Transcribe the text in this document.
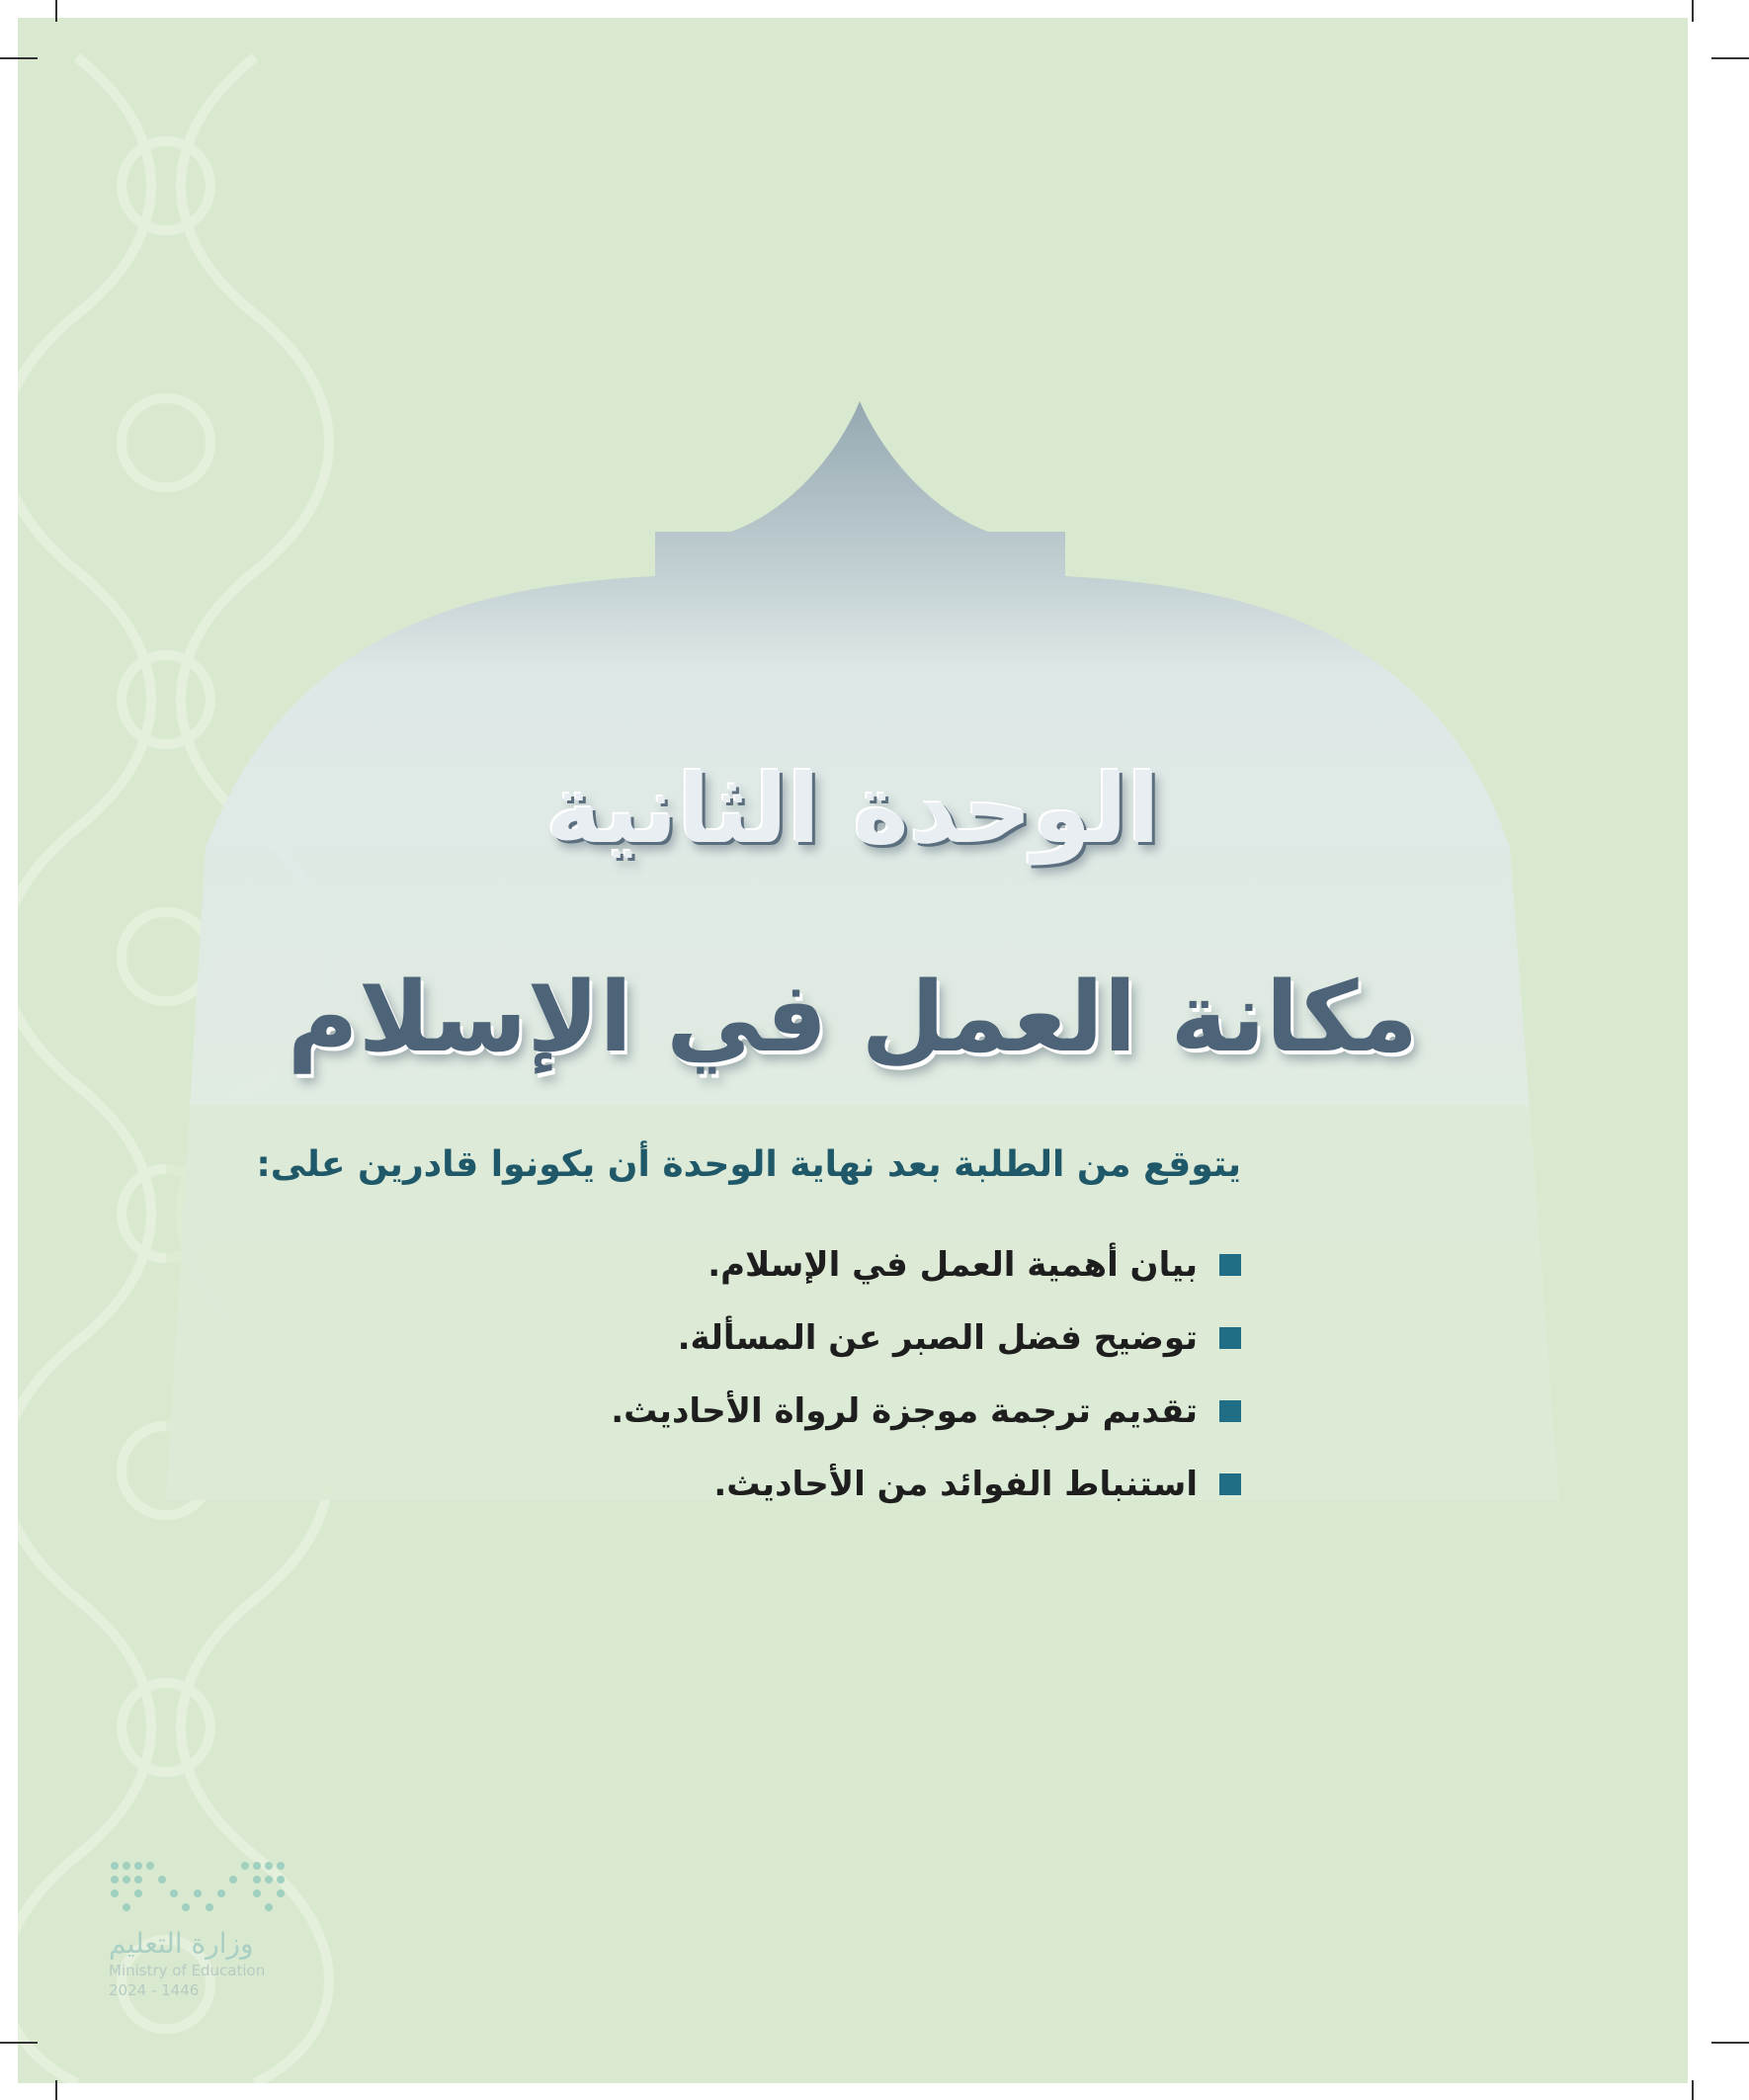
الوحدة الثانية
مكانة العمل في الإسلام
يتوقع من الطلبة بعد نهاية الوحدة أن يكونوا قادرين على:
بيان أهمية العمل في الإسلام.
توضيح فضل الصبر عن المسألة.
تقديم ترجمة موجزة لرواة الأحاديث.
استنباط الفوائد من الأحاديث.
وزارة التعليم
Ministry of Education
2024 - 1446
